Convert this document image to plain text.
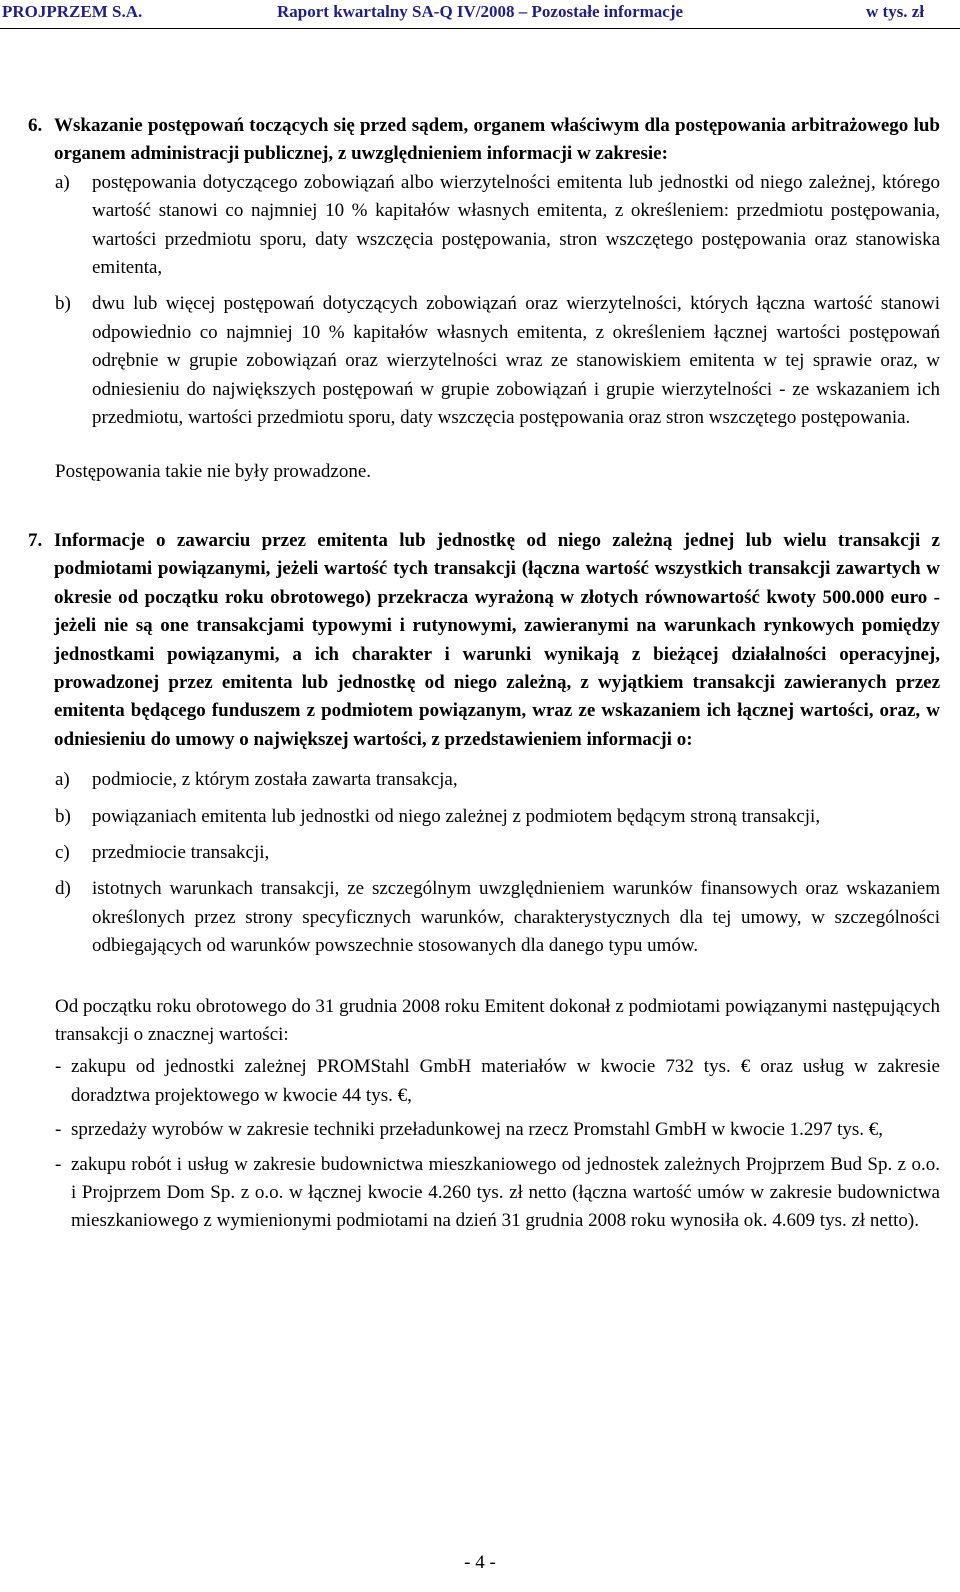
PROJPRZEM S.A.	Raport kwartalny SA-Q IV/2008 – Pozostałe informacje	w tys. zł
6. Wskazanie postępowań toczących się przed sądem, organem właściwym dla postępowania arbitrażowego lub organem administracji publicznej, z uwzględnieniem informacji w zakresie:
a)	postępowania dotyczącego zobowiązań albo wierzytelności emitenta lub jednostki od niego zależnej, którego wartość stanowi co najmniej 10 % kapitałów własnych emitenta, z określeniem: przedmiotu postępowania, wartości przedmiotu sporu, daty wszczęcia postępowania, stron wszczętego postępowania oraz stanowiska emitenta,
b)	dwu lub więcej postępowań dotyczących zobowiązań oraz wierzytelności, których łączna wartość stanowi odpowiednio co najmniej 10 % kapitałów własnych emitenta, z określeniem łącznej wartości postępowań odrębnie w grupie zobowiązań oraz wierzytelności wraz ze stanowiskiem emitenta w tej sprawie oraz, w odniesieniu do największych postępowań w grupie zobowiązań i grupie wierzytelności - ze wskazaniem ich przedmiotu, wartości przedmiotu sporu, daty wszczęcia postępowania oraz stron wszczętego postępowania.
Postępowania takie nie były prowadzone.
7. Informacje o zawarciu przez emitenta lub jednostkę od niego zależną jednej lub wielu transakcji z podmiotami powiązanymi, jeżeli wartość tych transakcji (łączna wartość wszystkich transakcji zawartych w okresie od początku roku obrotowego) przekracza wyrażoną w złotych równowartość kwoty 500.000 euro - jeżeli nie są one transakcjami typowymi i rutynowymi, zawieranymi na warunkach rynkowych pomiędzy jednostkami powiązanymi, a ich charakter i warunki wynikają z bieżącej działalności operacyjnej, prowadzonej przez emitenta lub jednostkę od niego zależną, z wyjątkiem transakcji zawieranych przez emitenta będącego funduszem z podmiotem powiązanym, wraz ze wskazaniem ich łącznej wartości, oraz, w odniesieniu do umowy o największej wartości, z przedstawieniem informacji o:
a)	podmiocie, z którym została zawarta transakcja,
b)	powiązaniach emitenta lub jednostki od niego zależnej z podmiotem będącym stroną transakcji,
c)	przedmiocie transakcji,
d)	istotnych warunkach transakcji, ze szczególnym uwzględnieniem warunków finansowych oraz wskazaniem określonych przez strony specyficznych warunków, charakterystycznych dla tej umowy, w szczególności odbiegających od warunków powszechnie stosowanych dla danego typu umów.
Od początku roku obrotowego do 31 grudnia 2008 roku Emitent dokonał z podmiotami powiązanymi następujących transakcji o znacznej wartości:
- zakupu od jednostki zależnej PROMStahl GmbH materiałów w kwocie 732 tys. € oraz usług w zakresie doradztwa projektowego w kwocie 44 tys. €,
- sprzedaży wyrobów w zakresie techniki przeładunkowej na rzecz Promstahl GmbH w kwocie 1.297 tys. €,
- zakupu robót i usług w zakresie budownictwa mieszkaniowego od jednostek zależnych Projprzem Bud Sp. z o.o. i Projprzem Dom Sp. z o.o. w łącznej kwocie 4.260 tys. zł netto (łączna wartość umów w zakresie budownictwa mieszkaniowego z wymienionymi podmiotami na dzień 31 grudnia 2008 roku wynosiła ok. 4.609 tys. zł netto).
- 4 -
